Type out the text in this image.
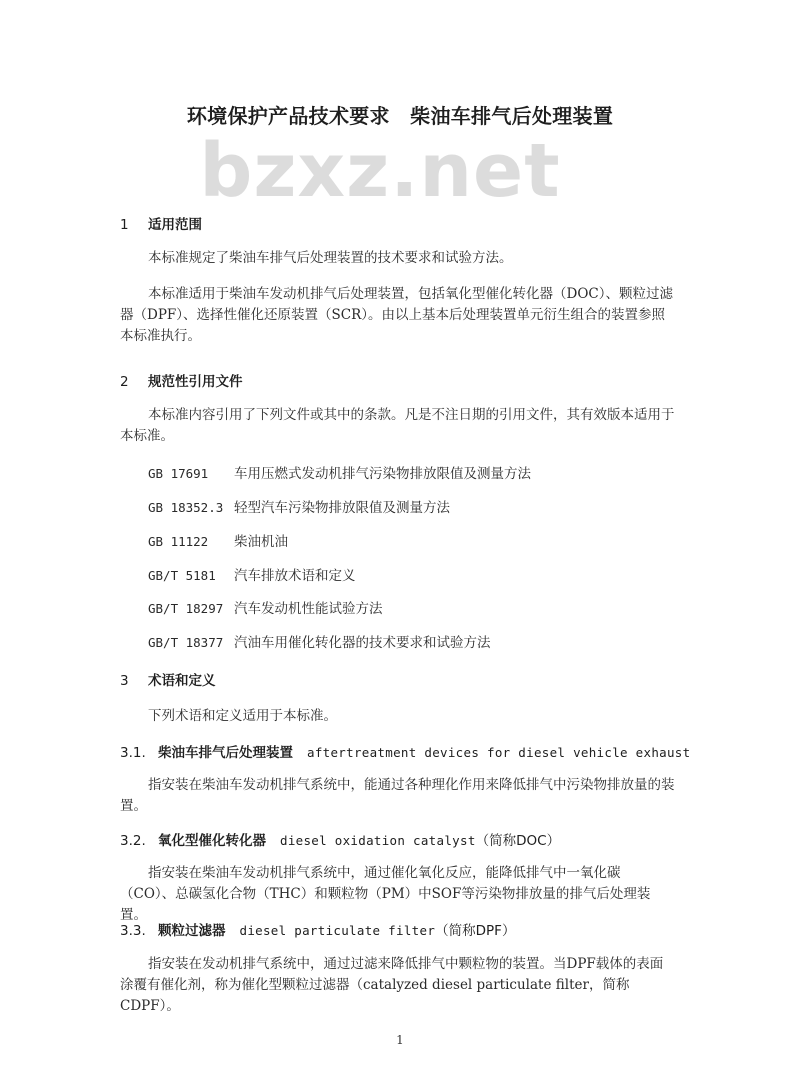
bzxz.net
环境保护产品技术要求　柴油车排气后处理装置
1 适用范围

本标准规定了柴油车排气后处理装置的技术要求和试验方法。

本标准适用于柴油车发动机排气后处理装置，包括氧化型催化转化器（DOC）、颗粒过滤器（DPF）、选择性催化还原装置（SCR）。由以上基本后处理装置单元衍生组合的装置参照本标准执行。

2 规范性引用文件

本标准内容引用了下列文件或其中的条款。凡是不注日期的引用文件，其有效版本适用于本标准。

GB 17691 车用压燃式发动机排气污染物排放限值及测量方法
GB 18352.3 轻型汽车污染物排放限值及测量方法
GB 11122 柴油机油
GB/T 5181 汽车排放术语和定义
GB/T 18297 汽车发动机性能试验方法
GB/T 18377 汽油车用催化转化器的技术要求和试验方法
3 术语和定义

下列术语和定义适用于本标准。

3.1. 柴油车排气后处理装置 aftertreatment devices for diesel vehicle exhaust

指安装在柴油车发动机排气系统中，能通过各种理化作用来降低排气中污染物排放量的装置。

3.2. 氧化型催化转化器 diesel oxidation catalyst（简称DOC）

指安装在柴油车发动机排气系统中，通过催化氧化反应，能降低排气中一氧化碳（CO）、总碳氢化合物（THC）和颗粒物（PM）中SOF等污染物排放量的排气后处理装置。

3.3. 颗粒过滤器 diesel particulate filter（简称DPF）

指安装在发动机排气系统中，通过过滤来降低排气中颗粒物的装置。当DPF载体的表面涂覆有催化剂，称为催化型颗粒过滤器（catalyzed diesel particulate filter，简称CDPF）。

1
